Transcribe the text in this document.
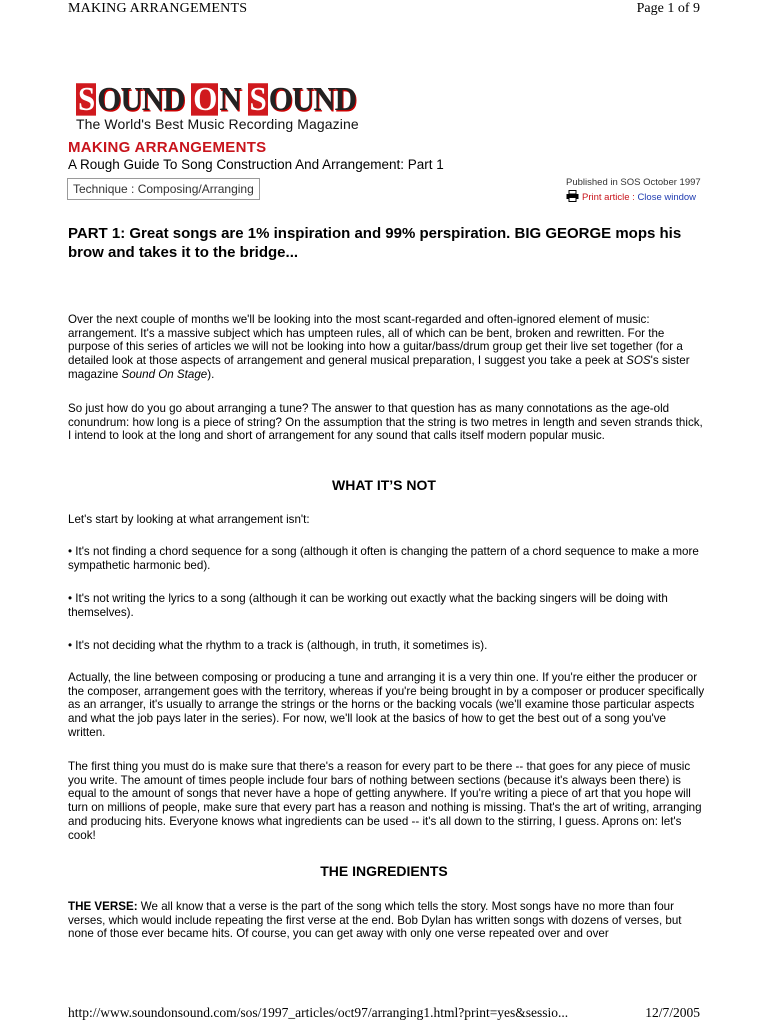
MAKING ARRANGEMENTS	Page 1 of 9
SOUND ON SOUND
The World's Best Music Recording Magazine
MAKING ARRANGEMENTS
A Rough Guide To Song Construction And Arrangement: Part 1
Technique : Composing/Arranging	Published in SOS October 1997
Print article : Close window
PART 1: Great songs are 1% inspiration and 99% perspiration. BIG GEORGE mops his brow and takes it to the bridge...
Over the next couple of months we'll be looking into the most scant-regarded and often-ignored element of music: arrangement. It's a massive subject which has umpteen rules, all of which can be bent, broken and rewritten. For the purpose of this series of articles we will not be looking into how a guitar/bass/drum group get their live set together (for a detailed look at those aspects of arrangement and general musical preparation, I suggest you take a peek at SOS's sister magazine Sound On Stage).
So just how do you go about arranging a tune? The answer to that question has as many connotations as the age-old conundrum: how long is a piece of string? On the assumption that the string is two metres in length and seven strands thick, I intend to look at the long and short of arrangement for any sound that calls itself modern popular music.
WHAT IT’S NOT
Let's start by looking at what arrangement isn't:
• It's not finding a chord sequence for a song (although it often is changing the pattern of a chord sequence to make a more sympathetic harmonic bed).
• It's not writing the lyrics to a song (although it can be working out exactly what the backing singers will be doing with themselves).
• It's not deciding what the rhythm to a track is (although, in truth, it sometimes is).
Actually, the line between composing or producing a tune and arranging it is a very thin one. If you're either the producer or the composer, arrangement goes with the territory, whereas if you're being brought in by a composer or producer specifically as an arranger, it's usually to arrange the strings or the horns or the backing vocals (we'll examine those particular aspects and what the job pays later in the series). For now, we'll look at the basics of how to get the best out of a song you've written.
The first thing you must do is make sure that there's a reason for every part to be there -- that goes for any piece of music you write. The amount of times people include four bars of nothing between sections (because it's always been there) is equal to the amount of songs that never have a hope of getting anywhere. If you're writing a piece of art that you hope will turn on millions of people, make sure that every part has a reason and nothing is missing. That's the art of writing, arranging and producing hits. Everyone knows what ingredients can be used -- it's all down to the stirring, I guess. Aprons on: let's cook!
THE INGREDIENTS
THE VERSE: We all know that a verse is the part of the song which tells the story. Most songs have no more than four verses, which would include repeating the first verse at the end. Bob Dylan has written songs with dozens of verses, but none of those ever became hits. Of course, you can get away with only one verse repeated over and over
http://www.soundonsound.com/sos/1997_articles/oct97/arranging1.html?print=yes&sessio...	12/7/2005
